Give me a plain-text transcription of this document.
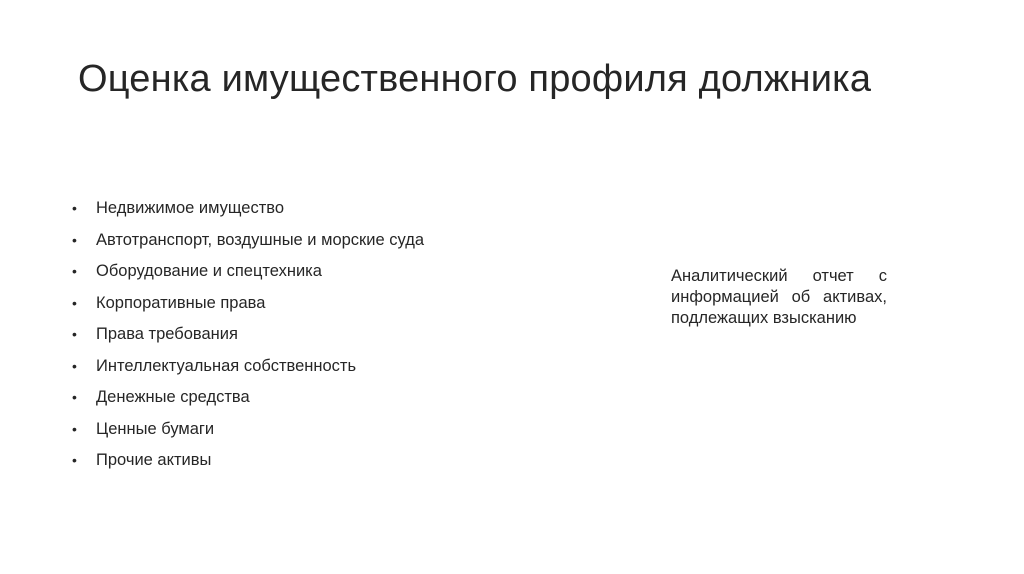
Оценка имущественного профиля должника
•	Недвижимое имущество
•	Автотранспорт, воздушные и морские суда
•	Оборудование и спецтехника
•	Корпоративные права
•	Права требования
•	Интеллектуальная собственность
•	Денежные средства
•	Ценные бумаги
•	Прочие активы

Аналитический отчет с информацией об активах, подлежащих взысканию
